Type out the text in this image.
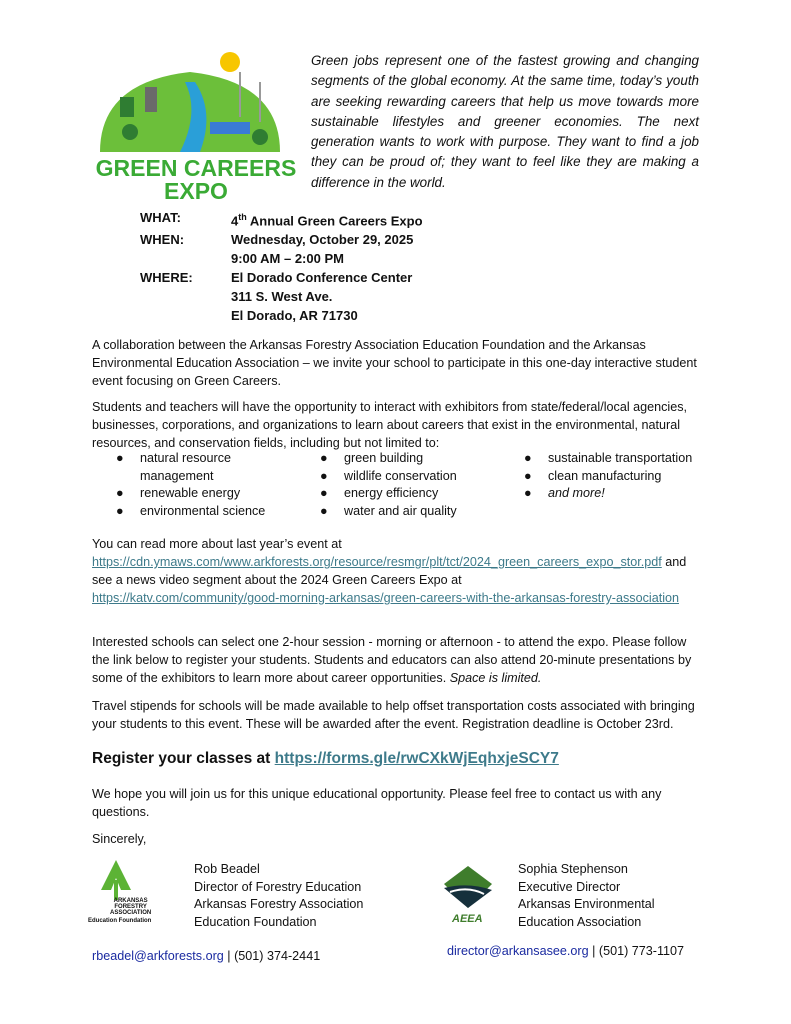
GREEN CAREERS
EXPO
Green jobs represent one of the fastest growing and changing segments of the global economy. At the same time, today’s youth are seeking rewarding careers that help us move towards more sustainable lifestyles and greener economies. The next generation wants to work with purpose. They want to find a job they can be proud of; they want to feel like they are making a difference in the world.
WHAT:	4th Annual Green Careers Expo
WHEN:	Wednesday, October 29, 2025
9:00 AM – 2:00 PM
WHERE:	El Dorado Conference Center
311 S. West Ave.
El Dorado, AR 71730
A collaboration between the Arkansas Forestry Association Education Foundation and the Arkansas Environmental Education Association – we invite your school to participate in this one-day interactive student event focusing on Green Careers.
Students and teachers will have the opportunity to interact with exhibitors from state/federal/local agencies, businesses, corporations, and organizations to learn about careers that exist in the environmental, natural resources, and conservation fields, including but not limited to:
●	natural resource management
●	renewable energy
●	environmental science
●	green building
●	wildlife conservation
●	energy efficiency
●	water and air quality
●	sustainable transportation
●	clean manufacturing
●	and more!
You can read more about last year’s event at
https://cdn.ymaws.com/www.arkforests.org/resource/resmgr/plt/tct/2024_green_careers_expo_stor.pdf and see a news video segment about the 2024 Green Careers Expo at
https://katv.com/community/good-morning-arkansas/green-careers-with-the-arkansas-forestry-association
Interested schools can select one 2-hour session - morning or afternoon - to attend the expo. Please follow the link below to register your students. Students and educators can also attend 20-minute presentations by some of the exhibitors to learn more about career opportunities. Space is limited.
Travel stipends for schools will be made available to help offset transportation costs associated with bringing your students to this event. These will be awarded after the event. Registration deadline is October 23rd.
Register your classes at https://forms.gle/rwCXkWjEqhxjeSCY7
We hope you will join us for this unique educational opportunity. Please feel free to contact us with any questions.
Sincerely,
ARKANSAS
FORESTRY
ASSOCIATION
Education Foundation
Rob Beadel
Director of Forestry Education
Arkansas Forestry Association
Education Foundation
rbeadel@arkforests.org | (501) 374-2441
AEEA
Sophia Stephenson
Executive Director
Arkansas Environmental
Education Association
director@arkansasee.org | (501) 773-1107
